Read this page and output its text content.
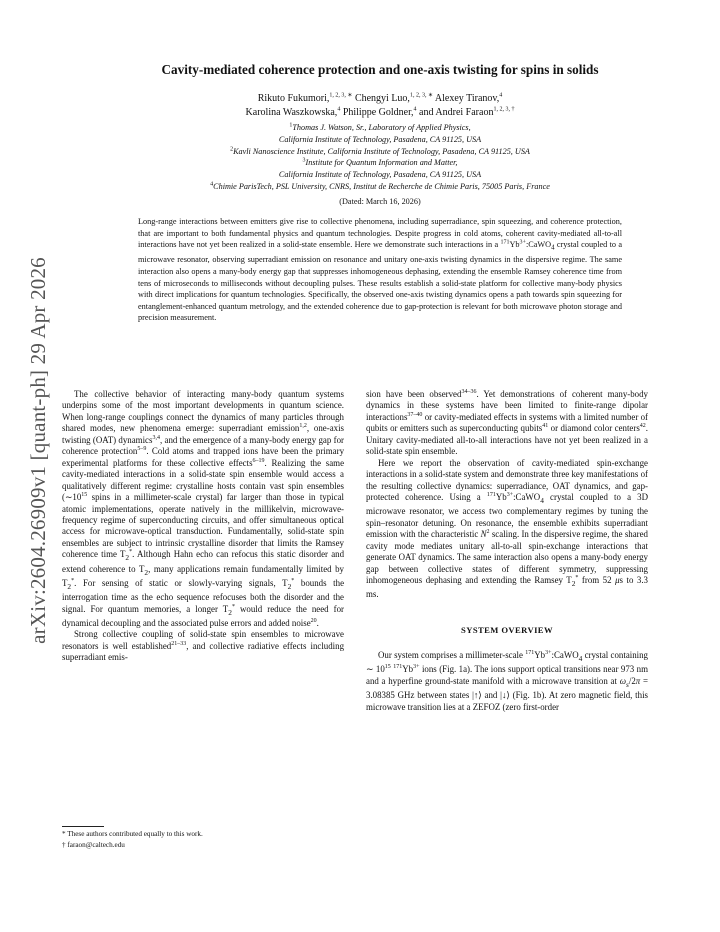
arXiv:2604.26909v1 [quant-ph] 29 Apr 2026
Cavity-mediated coherence protection and one-axis twisting for spins in solids
Rikuto Fukumori,$^{1, 2, 3, ∗}$ Chengyi Luo,$^{1, 2, 3, ∗}$ Alexey Tiranov,$^4$
Karolina Waszkowska,$^4$ Philippe Goldner,$^4$ and Andrei Faraon$^{1, 2, 3, \dagger}$
$^1$Thomas J. Watson, Sr., Laboratory of Applied Physics,
California Institute of Technology, Pasadena, CA 91125, USA
$^2$Kavli Nanoscience Institute, California Institute of Technology, Pasadena, CA 91125, USA
$^3$Institute for Quantum Information and Matter,
California Institute of Technology, Pasadena, CA 91125, USA
$^4$Chimie ParisTech, PSL University, CNRS, Institut de Recherche de Chimie Paris, 75005 Paris, France
(Dated: March 16, 2026)
Long-range interactions between emitters give rise to collective phenomena, including superradiance, spin squeezing, and coherence protection, that are important to both fundamental physics and quantum technologies. Despite progress in cold atoms, coherent cavity-mediated all-to-all interactions have not yet been realized in a solid-state ensemble. Here we demonstrate such interactions in a $^{171}Yb^{3+}:CaWO_4$ crystal coupled to a microwave resonator, observing superradiant emission on resonance and unitary one-axis twisting dynamics in the dispersive regime. The same interaction also opens a many-body energy gap that suppresses inhomogeneous dephasing, extending the ensemble Ramsey coherence time from tens of microseconds to milliseconds without decoupling pulses. These results establish a solid-state platform for collective many-body physics with direct implications for quantum technologies. Specifically, the observed one-axis twisting dynamics opens a path towards spin squeezing for entanglement-enhanced quantum metrology, and the extended coherence due to gap-protection is relevant for both microwave photon storage and precision measurement.

The collective behavior of interacting many-body quantum systems underpins some of the most important developments in quantum science. When long-range couplings connect the dynamics of many particles through shared modes, new phenomena emerge: superradiant emission$^{1,2}$, one-axis twisting (OAT) dynamics$^{3,4}$, and the emergence of a many-body energy gap for coherence protection$^{5-9}$. Cold atoms and trapped ions have been the primary experimental platforms for these collective effects$^{6-19}$. Realizing the same cavity-mediated interactions in a solid-state spin ensemble would access a qualitatively different regime: crystalline hosts contain vast spin ensembles ($\sim 10^{15}$ spins in a millimeter-scale crystal) far larger than those in typical atomic implementations, operate natively in the millikelvin, microwave-frequency regime of superconducting circuits, and offer simultaneous optical access for microwave-optical transduction. Fundamentally, solid-state spin ensembles are subject to intrinsic crystalline disorder that limits the Ramsey coherence time $T_2^*$. Although Hahn echo can refocus this static disorder and extend coherence to $T_2$, many applications remain fundamentally limited by $T_2^*$. For sensing of static or slowly-varying signals, $T_2^*$ bounds the interrogation time as the echo sequence refocuses both the disorder and the signal. For quantum memories, a longer $T_2^*$ would reduce the need for dynamical decoupling and the associated pulse errors and added noise$^{20}$.

Strong collective coupling of solid-state spin ensembles to microwave resonators is well established$^{21-33}$, and collective radiative effects including superradiant emis-

sion have been observed$^{34-36}$. Yet demonstrations of coherent many-body dynamics in these systems have been limited to finite-range dipolar interactions$^{37-40}$ or cavity-mediated effects in systems with a limited number of qubits or emitters such as superconducting qubits$^{41}$ or diamond color centers$^{42}$. Unitary cavity-mediated all-to-all interactions have not yet been realized in a solid-state spin ensemble.

Here we report the observation of cavity-mediated spin-exchange interactions in a solid-state system and demonstrate three key manifestations of the resulting collective dynamics: superradiance, OAT dynamics, and gap-protected coherence. Using a $^{171}Yb^{3+}:CaWO_4$ crystal coupled to a 3D microwave resonator, we access two complementary regimes by tuning the spin–resonator detuning. On resonance, the ensemble exhibits superradiant emission with the characteristic $N^2$ scaling. In the dispersive regime, the shared cavity mode mediates unitary all-to-all spin-exchange interactions that generate OAT dynamics. The same interaction also opens a many-body energy gap between collective states of different symmetry, suppressing inhomogeneous dephasing and extending the Ramsey $T_2^*$ from 52 μs to 3.3 ms.

SYSTEM OVERVIEW

Our system comprises a millimeter-scale $^{171}Yb^{3+}:CaWO_4$ crystal containing ∼ $10^{15}$ $^{171}Yb^{3+}$ ions (Fig. 1a). The ions support optical transitions near 973 nm and a hyperfine ground-state manifold with a microwave transition at $\omega_s/2\pi = 3.08385$ GHz between states |↑⟩ and |↓⟩ (Fig. 1b). At zero magnetic field, this microwave transition lies at a ZEFOZ (zero first-order

* These authors contributed equally to this work.
† faraon@caltech.edu
